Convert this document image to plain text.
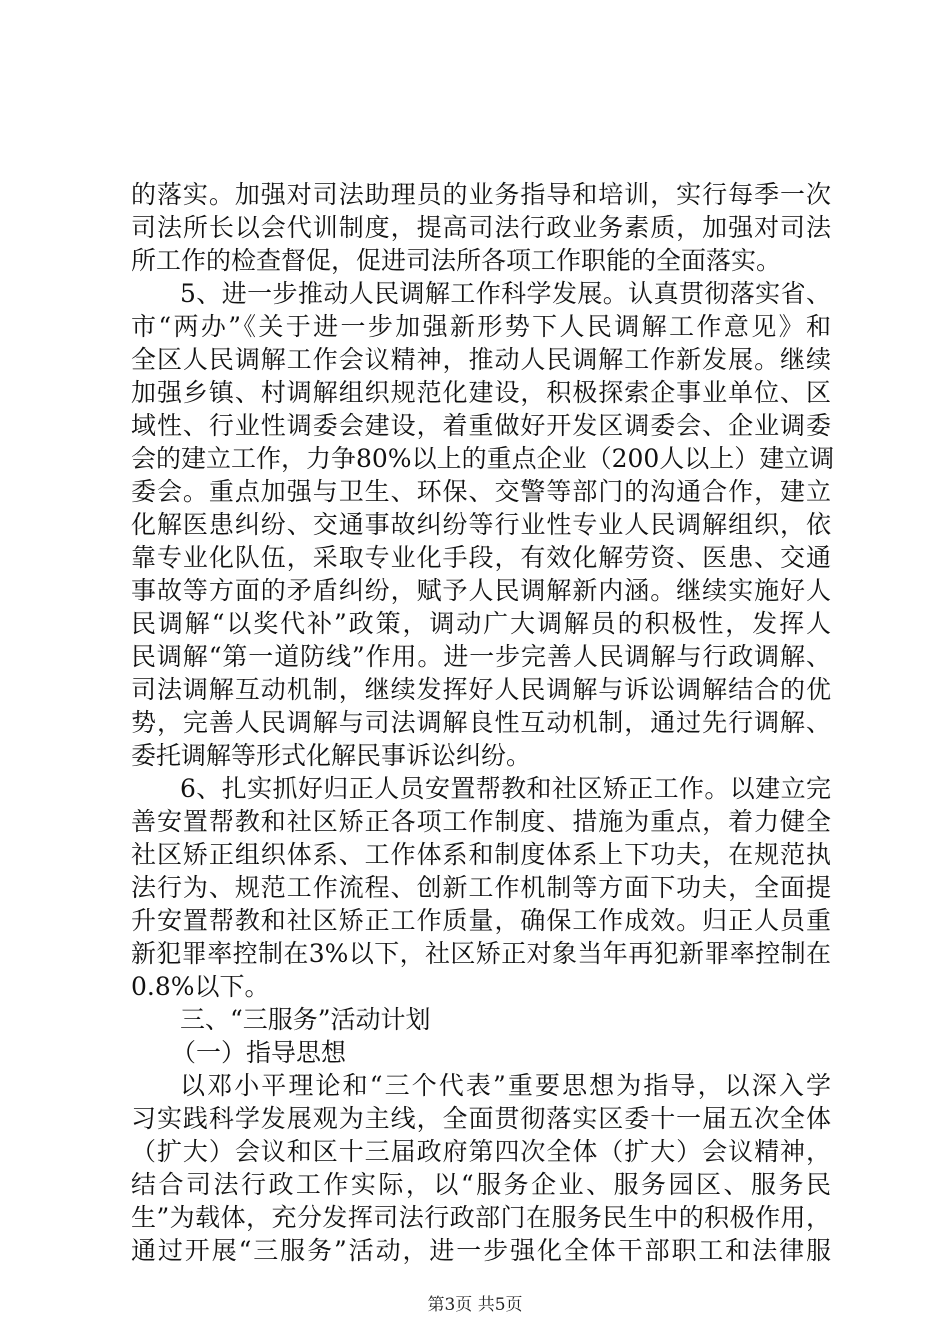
的落实。加强对司法助理员的业务指导和培训，实行每季一次
司法所长以会代训制度，提高司法行政业务素质，加强对司法
所工作的检查督促，促进司法所各项工作职能的全面落实。
5、进一步推动人民调解工作科学发展。认真贯彻落实省、
市“两办”《关于进一步加强新形势下人民调解工作意见》和
全区人民调解工作会议精神，推动人民调解工作新发展。继续
加强乡镇、村调解组织规范化建设，积极探索企事业单位、区
域性、行业性调委会建设，着重做好开发区调委会、企业调委
会的建立工作，力争80%以上的重点企业（200人以上）建立调
委会。重点加强与卫生、环保、交警等部门的沟通合作，建立
化解医患纠纷、交通事故纠纷等行业性专业人民调解组织，依
靠专业化队伍，采取专业化手段，有效化解劳资、医患、交通
事故等方面的矛盾纠纷，赋予人民调解新内涵。继续实施好人
民调解“以奖代补”政策，调动广大调解员的积极性，发挥人
民调解“第一道防线”作用。进一步完善人民调解与行政调解、
司法调解互动机制，继续发挥好人民调解与诉讼调解结合的优
势，完善人民调解与司法调解良性互动机制，通过先行调解、
委托调解等形式化解民事诉讼纠纷。
6、扎实抓好归正人员安置帮教和社区矫正工作。以建立完
善安置帮教和社区矫正各项工作制度、措施为重点，着力健全
社区矫正组织体系、工作体系和制度体系上下功夫，在规范执
法行为、规范工作流程、创新工作机制等方面下功夫，全面提
升安置帮教和社区矫正工作质量，确保工作成效。归正人员重
新犯罪率控制在3%以下，社区矫正对象当年再犯新罪率控制在
0.8%以下。
三、“三服务”活动计划
（一）指导思想
以邓小平理论和“三个代表”重要思想为指导，以深入学
习实践科学发展观为主线，全面贯彻落实区委十一届五次全体
（扩大）会议和区十三届政府第四次全体（扩大）会议精神，
结合司法行政工作实际，以“服务企业、服务园区、服务民
生”为载体，充分发挥司法行政部门在服务民生中的积极作用，
通过开展“三服务”活动，进一步强化全体干部职工和法律服
第3页 共5页
